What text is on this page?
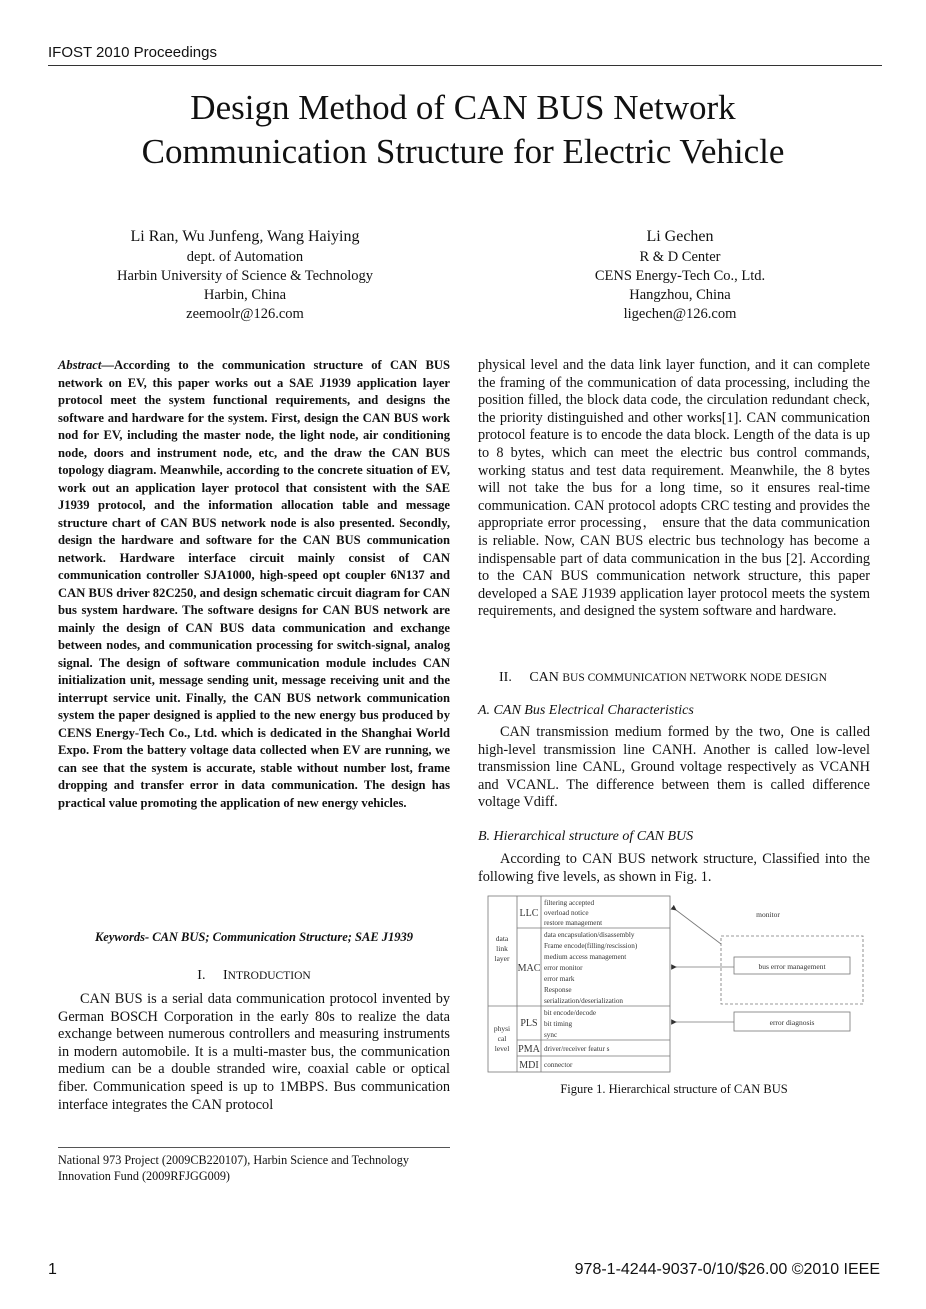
IFOST 2010 Proceedings
Design Method of CAN BUS Network
Communication Structure for Electric Vehicle
Li Ran, Wu Junfeng, Wang Haiying
dept. of Automation
Harbin University of Science & Technology
Harbin, China
zeemoolr@126.com
Li Gechen
R & D Center
CENS Energy-Tech Co., Ltd.
Hangzhou, China
ligechen@126.com
Abstract—According to the communication structure of CAN BUS network on EV, this paper works out a SAE J1939 application layer protocol meet the system functional requirements, and designs the software and hardware for the system. First, design the CAN BUS work nod for EV, including the master node, the light node, air conditioning node, doors and instrument node, etc, and the draw the CAN BUS topology diagram. Meanwhile, according to the concrete situation of EV, work out an application layer protocol that consistent with the SAE J1939 protocol, and the information allocation table and message structure chart of CAN BUS network node is also presented. Secondly, design the hardware and software for the CAN BUS communication network. Hardware interface circuit mainly consist of CAN communication controller SJA1000, high-speed opt coupler 6N137 and CAN BUS driver 82C250, and design schematic circuit diagram for CAN bus system hardware. The software designs for CAN BUS network are mainly the design of CAN BUS data communication and exchange between nodes, and communication processing for switch-signal, analog signal. The design of software communication module includes CAN initialization unit, message sending unit, message receiving unit and the interrupt service unit. Finally, the CAN BUS network communication system the paper designed is applied to the new energy bus produced by CENS Energy-Tech Co., Ltd. which is dedicated in the Shanghai World Expo. From the battery voltage data collected when EV are running, we can see that the system is accurate, stable without number lost, frame dropping and transfer error in data communication. The design has practical value promoting the application of new energy vehicles.
Keywords- CAN BUS; Communication Structure; SAE J1939
I. INTRODUCTION

CAN BUS is a serial data communication protocol invented by German BOSCH Corporation in the early 80s to realize the data exchange between numerous controllers and measuring instruments in modern automobile. It is a multi-master bus, the communication medium can be a double stranded wire, coaxial cable or optical fiber. Communication speed is up to 1MBPS. Bus communication interface integrates the CAN protocol

National 973 Project (2009CB220107), Harbin Science and Technology Innovation Fund (2009RFJGG009)
physical level and the data link layer function, and it can complete the framing of the communication of data processing, including the position filled, the block data code, the circulation redundant check, the priority distinguished and other works[1]. CAN communication protocol feature is to encode the data block. Length of the data is up to 8 bytes, which can meet the electric bus control commands, working status and test data requirement. Meanwhile, the 8 bytes will not take the bus for a long time, so it ensures real-time communication. CAN protocol adopts CRC testing and provides the appropriate error processing， ensure that the data communication is reliable. Now, CAN BUS electric bus technology has become a indispensable part of data communication in the bus [2]. According to the CAN BUS communication network structure, this paper developed a SAE J1939 application layer protocol meets the system requirements, and designed the system software and hardware.
II. CAN BUS COMMUNICATION NETWORK NODE DESIGN
A. CAN Bus Electrical Characteristics

CAN transmission medium formed by the two, One is called high-level transmission line CANH. Another is called low-level transmission line CANL, Ground voltage respectively as VCANH and VCANL. The difference between them is called difference voltage Vdiff.

B. Hierarchical structure of CAN BUS

According to CAN BUS network structure, Classified into the following five levels, as shown in Fig. 1.

data
link
layer
physi
cal
level
LLC
MAC
PLS
PMA
MDI
filtering accepted
overload notice
restore management
data encapsulation/disassembly
Frame encode(filling/rescission)
medium access management
error monitor
error mark
Response
serialization/deserialization
bit encode/decode
bit timing
sync
driver/receiver featur s
connector
monitor
bus error management
error diagnosis
Figure 1. Hierarchical structure of CAN BUS
1	978-1-4244-9037-0/10/$26.00 ©2010 IEEE
